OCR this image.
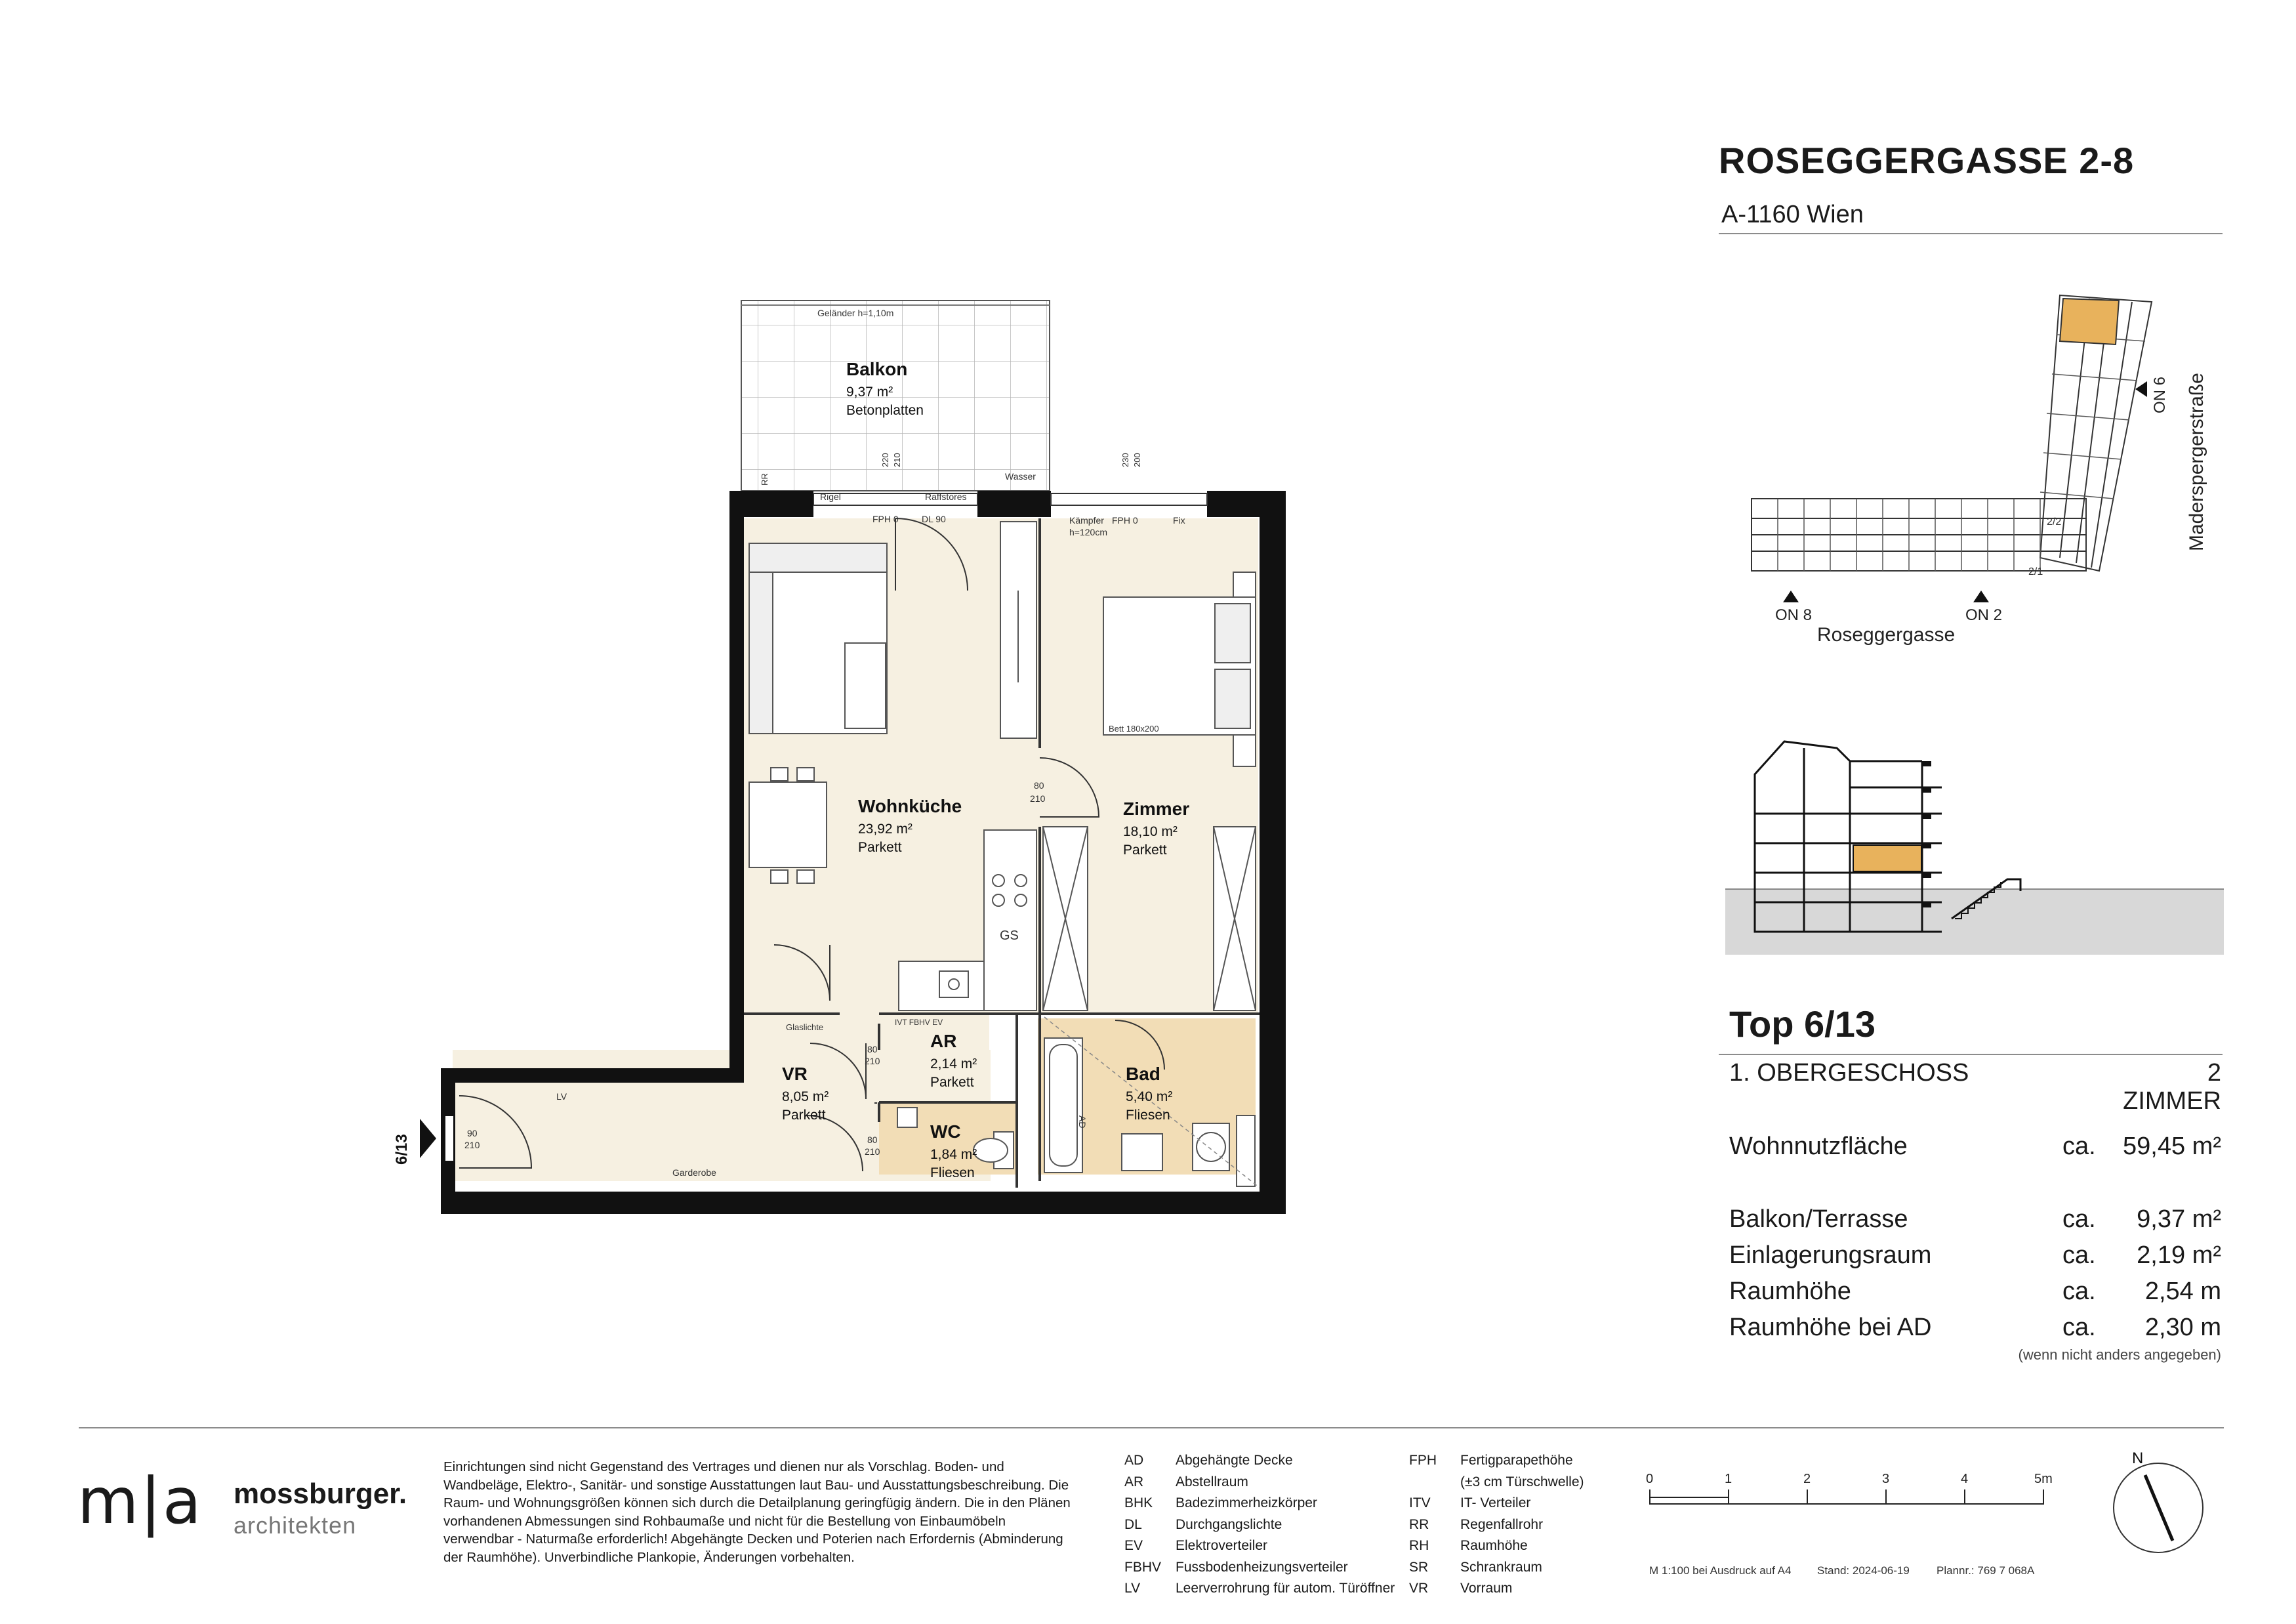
ROSEGGERGASSE 2-8
A-1160 Wien
ON 8	ON 2
ON 6
2/1
2/2
Roseggergasse
Maderspergerstraße
Top 6/13
1. OBERGESCHOSS	2 ZIMMER
Wohnnutzfläche	ca. 59,45 m²
Balkon/Terrasse	ca. 9,37 m²
Einlagerungsraum	ca. 2,19 m²
Raumhöhe	ca. 2,54 m
Raumhöhe bei AD	ca. 2,30 m
(wenn nicht anders angegeben)
Rigel	Raffstores
Wasser
Geländer h=1,10m
FPH 0	DL 90	Kämpfer
h=120cm
FPH 0	Fix
RR
210
220	200
230
Bett 180x200
GS
Glaslichte	IVT FBHV EV
LV
Garderobe
AD
6/13
80
210
80
210
80
210
90
210
Balkon
9,37 m²
Betonplatten
Wohnküche
23,92 m²
Parkett
Zimmer
18,10 m²
Parkett
AR
2,14 m²
Parkett
VR
8,05 m²
Parkett
Bad
5,40 m²
Fliesen
WC
1,84 m²
Fliesen
m|a mossburger.
architekten
Einrichtungen sind nicht Gegenstand des Vertrages und dienen nur als Vorschlag. Boden- und Wandbeläge, Elektro-, Sanitär- und sonstige Ausstattungen laut Bau- und Ausstattungsbeschreibung. Die Raum- und Wohnungsgrößen können sich durch die Detailplanung geringfügig ändern. Die in den Plänen vorhandenen Abmessungen sind Rohbaumaße und nicht für die Bestellung von Einbaumöbeln verwendbar - Naturmaße erforderlich! Abgehängte Decken und Poterien nach Erfordernis (Abminderung der Raumhöhe). Unverbindliche Plankopie, Änderungen vorbehalten.
AD Abgehängte Decke
AR Abstellraum
BHK Badezimmerheizkörper
DL Durchgangslichte
EV Elektroverteiler
FBHV Fussbodenheizungsverteiler
LV	Leerverrohrung für autom. Türöffner
FPH Fertigparapethöhe
(±3 cm Türschwelle)
ITV IT- Verteiler
RR Regenfallrohr
RH Raumhöhe
SR Schrankraum
VR Vorraum
0	1	2	3	4	5m
M 1:100 bei Ausdruck auf A4 Stand: 2024-06-19 Plannr.: 769 7 068A
N
